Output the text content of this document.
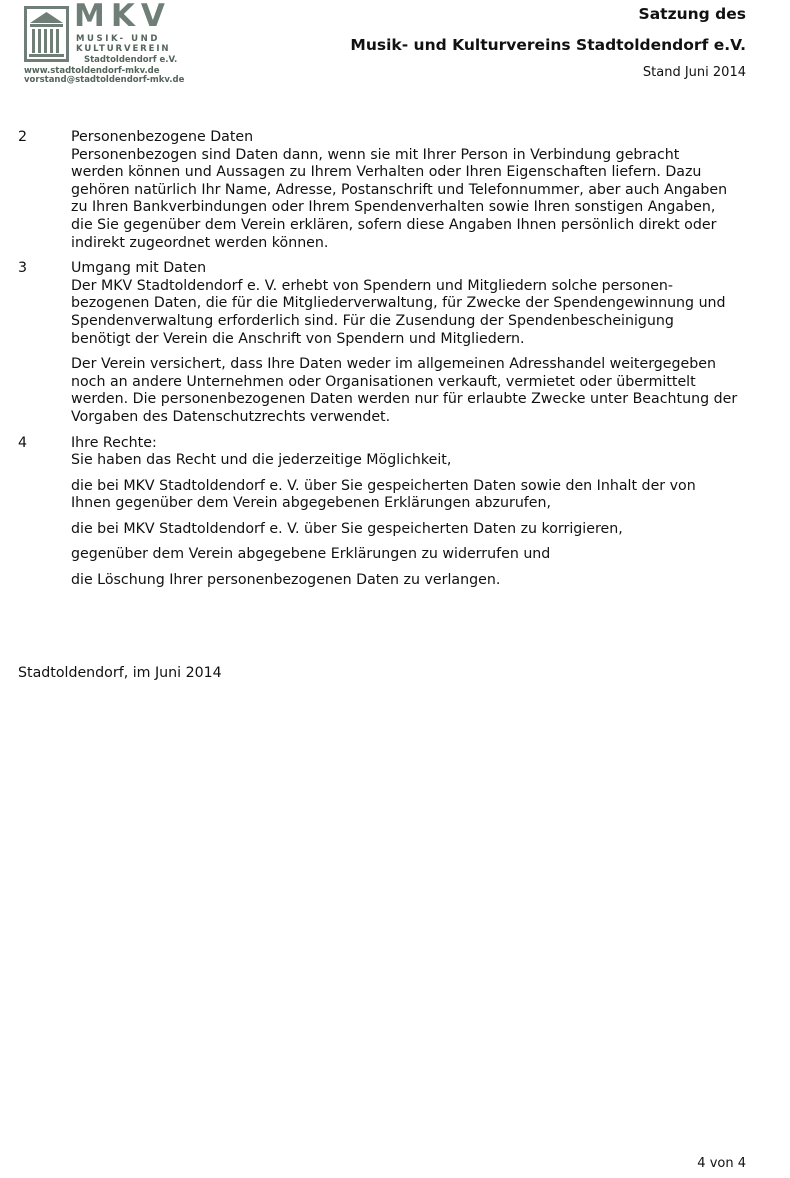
MKV
MUSIK- UND
KULTURVEREIN
Stadtoldendorf e.V.
www.stadtoldendorf-mkv.de
vorstand@stadtoldendorf-mkv.de
Satzung des
Musik- und Kulturvereins Stadtoldendorf e.V.
Stand Juni 2014
2	Personenbezogene Daten
Personenbezogen sind Daten dann, wenn sie mit Ihrer Person in Verbindung gebracht
werden können und Aussagen zu Ihrem Verhalten oder Ihren Eigenschaften liefern. Dazu
gehören natürlich Ihr Name, Adresse, Postanschrift und Telefonnummer, aber auch Angaben
zu Ihren Bankverbindungen oder Ihrem Spendenverhalten sowie Ihren sonstigen Angaben,
die Sie gegenüber dem Verein erklären, sofern diese Angaben Ihnen persönlich direkt oder
indirekt zugeordnet werden können.
3	Umgang mit Daten
Der MKV Stadtoldendorf e. V. erhebt von Spendern und Mitgliedern solche personen-
bezogenen Daten, die für die Mitgliederverwaltung, für Zwecke der Spendengewinnung und
Spendenverwaltung erforderlich sind. Für die Zusendung der Spendenbescheinigung
benötigt der Verein die Anschrift von Spendern und Mitgliedern.
Der Verein versichert, dass Ihre Daten weder im allgemeinen Adresshandel weitergegeben
noch an andere Unternehmen oder Organisationen verkauft, vermietet oder übermittelt
werden. Die personenbezogenen Daten werden nur für erlaubte Zwecke unter Beachtung der
Vorgaben des Datenschutzrechts verwendet.
4	Ihre Rechte:
Sie haben das Recht und die jederzeitige Möglichkeit,
die bei MKV Stadtoldendorf e. V. über Sie gespeicherten Daten sowie den Inhalt der von
Ihnen gegenüber dem Verein abgegebenen Erklärungen abzurufen,
die bei MKV Stadtoldendorf e. V. über Sie gespeicherten Daten zu korrigieren,
gegenüber dem Verein abgegebene Erklärungen zu widerrufen und
die Löschung Ihrer personenbezogenen Daten zu verlangen.
Stadtoldendorf, im Juni 2014
4 von 4
